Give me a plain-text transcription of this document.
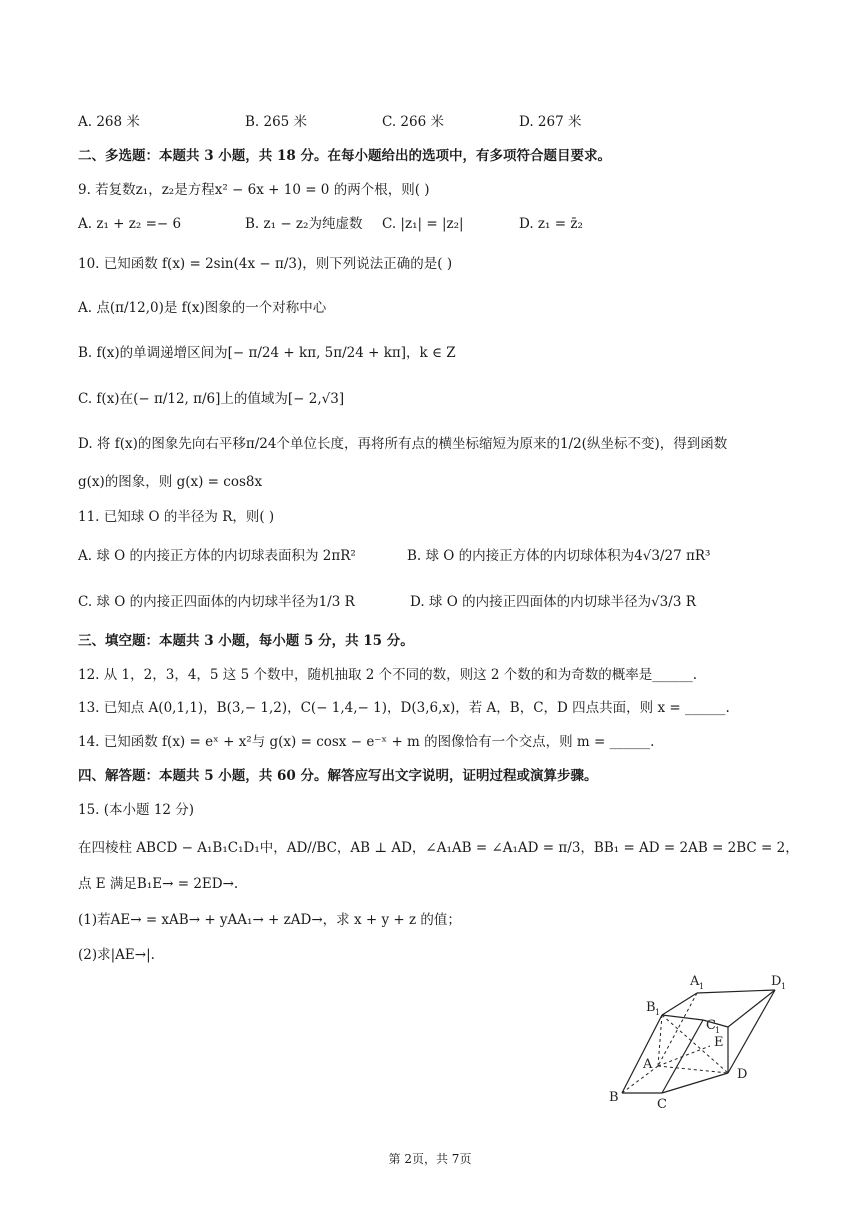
A. 268 米	B. 265 米	C. 266 米	D. 267 米
二、多选题：本题共 3 小题，共 18 分。在每小题给出的选项中，有多项符合题目要求。
9. 若复数z₁，z₂是方程x² − 6x + 10 = 0 的两个根，则( )
A. z₁ + z₂ =− 6	B. z₁ − z₂为纯虚数 C. |z₁| = |z₂|	D. z₁ = z̄₂
10. 已知函数 f(x) = 2sin(4x − π/3)，则下列说法正确的是( )
A. 点(π/12,0)是 f(x)图象的一个对称中心
B. f(x)的单调递增区间为[− π/24 + kπ, 5π/24 + kπ]，k ∈ Z
C. f(x)在(− π/12, π/6]上的值域为[− 2,√3]
D. 将 f(x)的图象先向右平移π/24个单位长度，再将所有点的横坐标缩短为原来的1/2(纵坐标不变)，得到函数
g(x)的图象，则 g(x) = cos8x
11. 已知球 O 的半径为 R，则( )
A. 球 O 的内接正方体的内切球表面积为 2πR²	B. 球 O 的内接正方体的内切球体积为4√3/27 πR³
C. 球 O 的内接正四面体的内切球半径为1/3 R	D. 球 O 的内接正四面体的内切球半径为√3/3 R
三、填空题：本题共 3 小题，每小题 5 分，共 15 分。
12. 从 1，2，3，4，5 这 5 个数中，随机抽取 2 个不同的数，则这 2 个数的和为奇数的概率是______.
13. 已知点 A(0,1,1)，B(3,− 1,2)，C(− 1,4,− 1)，D(3,6,x)，若 A，B，C，D 四点共面，则 x = ______.
14. 已知函数 f(x) = eˣ + x²与 g(x) = cosx − e⁻ˣ + m 的图像恰有一个交点，则 m = ______.
四、解答题：本题共 5 小题，共 60 分。解答应写出文字说明，证明过程或演算步骤。
15. (本小题 12 分)
在四棱柱 ABCD − A₁B₁C₁D₁中，AD//BC，AB ⊥ AD，∠A₁AB = ∠A₁AD = π/3，BB₁ = AD = 2AB = 2BC = 2，
点 E 满足B₁E→ = 2ED→.
(1)若AE→ = xAB→ + yAA₁→ + zAD→，求 x + y + z 的值；
(2)求|AE→|.
A 1	D 1
B 1
C 1
A
E
D
B	C
第 2页，共 7页
